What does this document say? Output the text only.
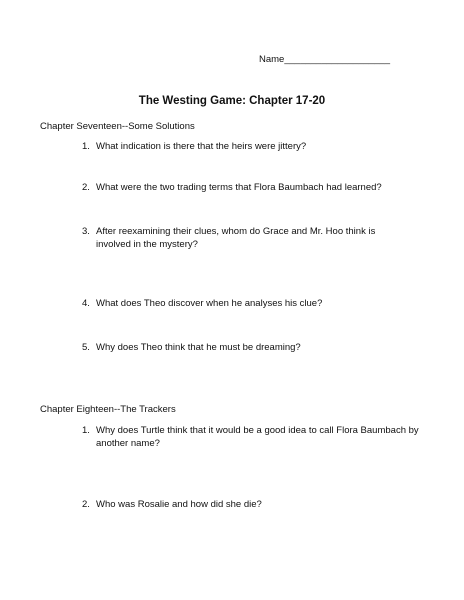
Name____________________
The Westing Game: Chapter 17-20
Chapter Seventeen--Some Solutions
1. What indication is there that the heirs were jittery?
2. What were the two trading terms that Flora Baumbach had learned?
3. After reexamining their clues, whom do Grace and Mr. Hoo think is involved in the mystery?
4. What does Theo discover when he analyses his clue?
5. Why does Theo think that he must be dreaming?
Chapter Eighteen--The Trackers
1. Why does Turtle think that it would be a good idea to call Flora Baumbach by another name?
2. Who was Rosalie and how did she die?
